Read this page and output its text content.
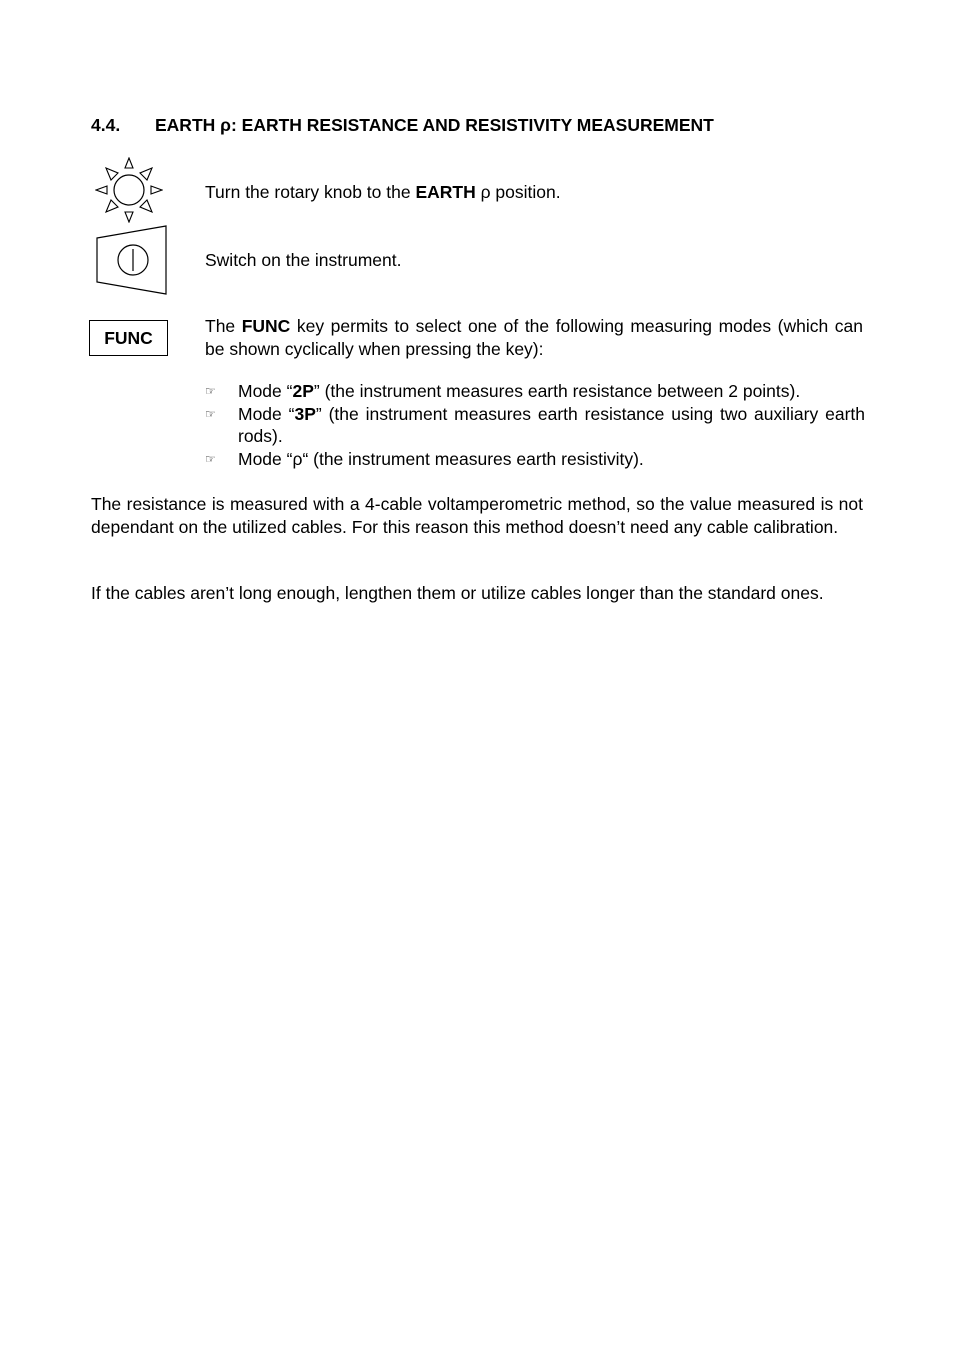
4.4. EARTH ρ: EARTH RESISTANCE AND RESISTIVITY MEASUREMENT
Turn the rotary knob to the EARTH ρ position.
Switch on the instrument.
FUNC
The FUNC key permits to select one of the following measuring modes (which can be shown cyclically when pressing the key):
☞ Mode “2P” (the instrument measures earth resistance between 2 points).
☞ Mode “3P” (the instrument measures earth resistance using two auxiliary earth rods).
☞ Mode “ρ“ (the instrument measures earth resistivity).

The resistance is measured with a 4-cable voltamperometric method, so the value measured is not dependant on the utilized cables. For this reason this method doesn’t need any cable calibration.

If the cables aren’t long enough, lengthen them or utilize cables longer than the standard ones.
